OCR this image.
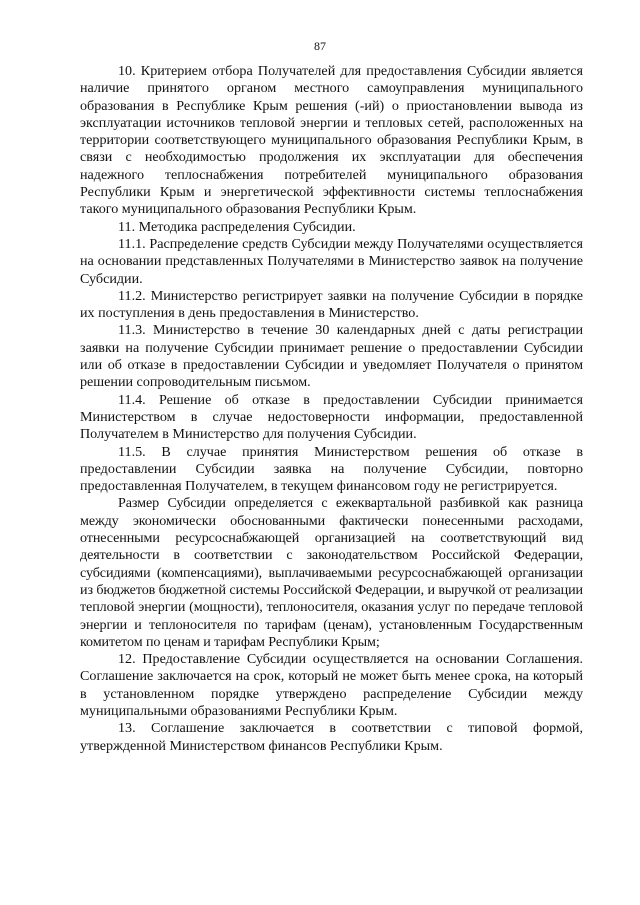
87

10. Критерием отбора Получателей для предоставления Субсидии является наличие принятого органом местного самоуправления муниципального образования в Республике Крым решения (-ий) о приостановлении вывода из эксплуатации источников тепловой энергии и тепловых сетей, расположенных на территории соответствующего муниципального образования Республики Крым, в связи с необходимостью продолжения их эксплуатации для обеспечения надежного теплоснабжения потребителей муниципального образования Республики Крым и энергетической эффективности системы теплоснабжения такого муниципального образования Республики Крым.

11. Методика распределения Субсидии.

11.1. Распределение средств Субсидии между Получателями осуществляется на основании представленных Получателями в Министерство заявок на получение Субсидии.

11.2. Министерство регистрирует заявки на получение Субсидии в порядке их поступления в день предоставления в Министерство.

11.3. Министерство в течение 30 календарных дней с даты регистрации заявки на получение Субсидии принимает решение о предоставлении Субсидии или об отказе в предоставлении Субсидии и уведомляет Получателя о принятом решении сопроводительным письмом.

11.4. Решение об отказе в предоставлении Субсидии принимается Министерством в случае недостоверности информации, предоставленной Получателем в Министерство для получения Субсидии.

11.5. В случае принятия Министерством решения об отказе в предоставлении Субсидии заявка на получение Субсидии, повторно предоставленная Получателем, в текущем финансовом году не регистрируется.

Размер Субсидии определяется с ежеквартальной разбивкой как разница между экономически обоснованными фактически понесенными расходами, отнесенными ресурсоснабжающей организацией на соответствующий вид деятельности в соответствии с законодательством Российской Федерации, субсидиями (компенсациями), выплачиваемыми ресурсоснабжающей организации из бюджетов бюджетной системы Российской Федерации, и выручкой от реализации тепловой энергии (мощности), теплоносителя, оказания услуг по передаче тепловой энергии и теплоносителя по тарифам (ценам), установленным Государственным комитетом по ценам и тарифам Республики Крым;

12. Предоставление Субсидии осуществляется на основании Соглашения. Соглашение заключается на срок, который не может быть менее срока, на который в установленном порядке утверждено распределение Субсидии между муниципальными образованиями Республики Крым.

13. Соглашение заключается в соответствии с типовой формой, утвержденной Министерством финансов Республики Крым.
